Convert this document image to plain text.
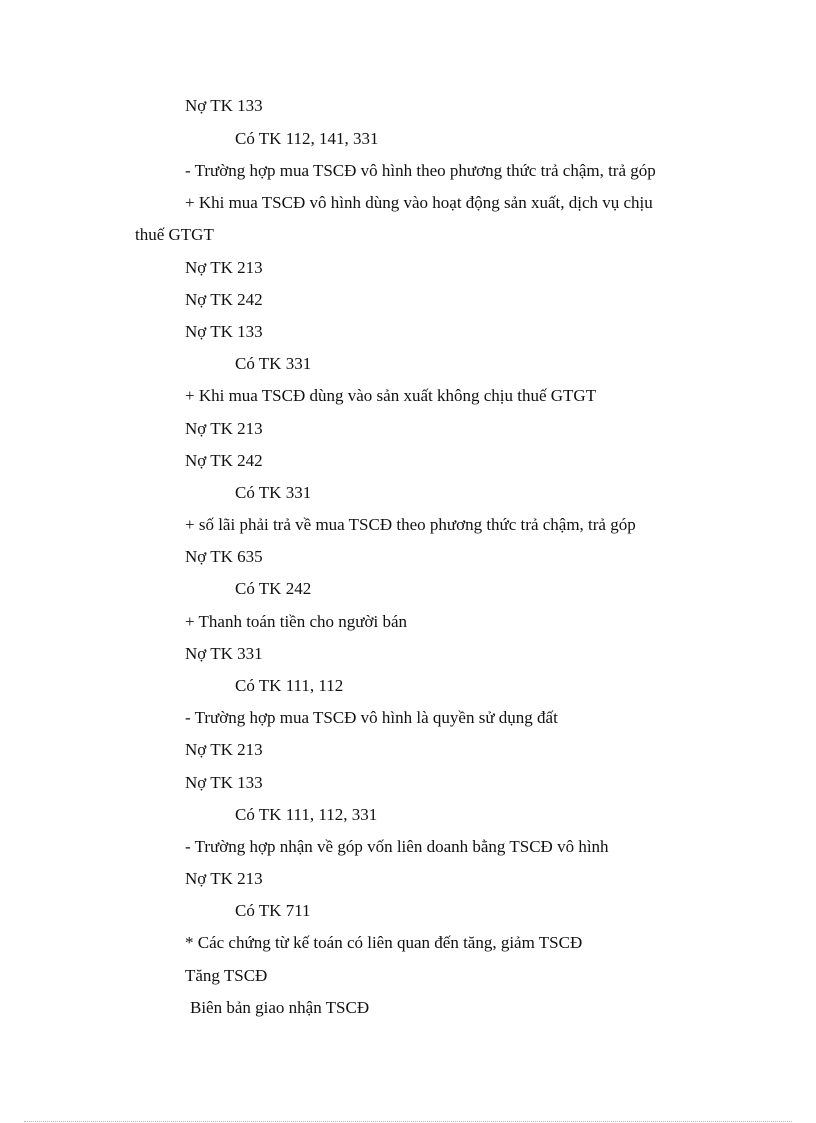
Nợ TK 133
Có TK 112, 141, 331
- Trường hợp mua TSCĐ vô hình theo phương thức trả chậm, trả góp
+ Khi mua TSCĐ vô hình dùng vào hoạt động sản xuất, dịch vụ chịu
thuế GTGT
Nợ TK 213
Nợ TK 242
Nợ TK 133
Có TK 331
+ Khi mua TSCĐ dùng vào sản xuất không chịu thuế GTGT
Nợ TK 213
Nợ TK 242
Có TK 331
+ số lãi phải trả về mua TSCĐ theo phương thức trả chậm, trả góp
Nợ TK 635
Có TK 242
+ Thanh toán tiền cho người bán
Nợ TK 331
Có TK 111, 112
- Trường hợp mua TSCĐ vô hình là quyền sử dụng đất
Nợ TK 213
Nợ TK 133
Có TK 111, 112, 331
- Trường hợp nhận về góp vốn liên doanh bằng TSCĐ vô hình
Nợ TK 213
Có TK 711
* Các chứng từ kế toán có liên quan đến tăng, giảm TSCĐ
Tăng TSCĐ
Biên bản giao nhận TSCĐ
